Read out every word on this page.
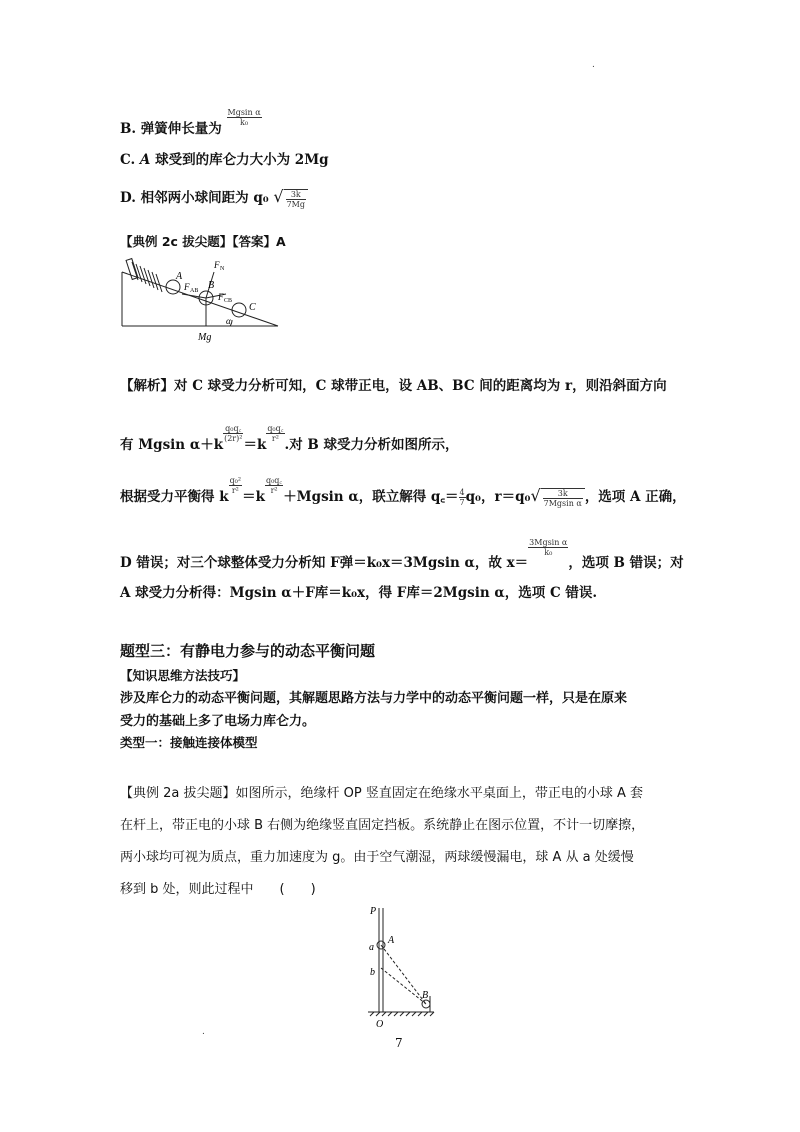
.
B. 弹簧伸长量为
$\frac{\text{Mgsin α}}{\text{k₀}}$
C. A 球受到的库仑力大小为 2Mg
D. 相邻两小球间距为 q₀ √ $\frac{3k}{7Mg}$
【典例 2c 拔尖题】【答案】A
A
B
C
F N
F AB
F CB
α
Mg
【解析】对 C 球受力分析可知，C 球带正电，设 AB、BC 间的距离均为 r，则沿斜面方向
有 Mgsin α＋k
$\frac{\text{q₀q꜀}}{\text{(2r)²}}$
＝k
$\frac{\text{q₀q꜀}}{\text{r²}}$
.对 B 球受力分析如图所示，
根据受力平衡得 k
$\frac{\text{q₀²}}{\text{r²}}$
＝k
$\frac{\text{q₀q꜀}}{\text{r²}}$
＋Mgsin α，联立解得 q꜀＝ $\frac{4}{7} q_0$，$r=q_0√ \frac{3k}{\text{7Mgsin α}}$ ，选项 A 正确，
D 错误；对三个球整体受力分析知 F弹＝k₀x＝3Mgsin α，故 x＝
$\frac{\text{3Mgsin α}}{\text{k₀}}$
，选项 B 错误；对
A 球受力分析得：Mgsin α＋F库＝k₀x，得 F库＝2Mgsin α，选项 C 错误.
题型三：有静电力参与的动态平衡问题
【知识思维方法技巧】
涉及库仑力的动态平衡问题，其解题思路方法与力学中的动态平衡问题一样，只是在原来
受力的基础上多了电场力库仑力。
类型一：接触连接体模型
【典例 2a 拔尖题】如图所示，绝缘杆 OP 竖直固定在绝缘水平桌面上，带正电的小球 A 套
在杆上，带正电的小球 B 右侧为绝缘竖直固定挡板。系统静止在图示位置，不计一切摩擦，
两小球均可视为质点，重力加速度为 g。由于空气潮湿，两球缓慢漏电，球 A 从 a 处缓慢
移到 b 处，则此过程中　　(　　)
P
a
A
b
B
O
7
.
